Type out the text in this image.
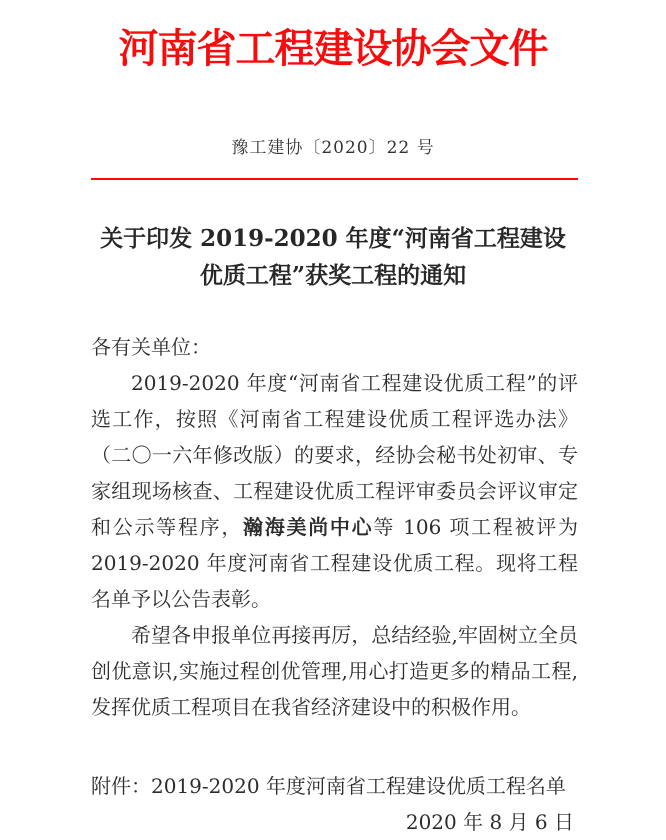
河南省工程建设协会文件
豫工建协〔2020〕22 号
关于印发 2019-2020 年度“河南省工程建设
优质工程”获奖工程的通知

各有关单位：

2019-2020 年度“河南省工程建设优质工程”的评选工作，按照《河南省工程建设优质工程评选办法》（二〇一六年修改版）的要求，经协会秘书处初审、专家组现场核查、工程建设优质工程评审委员会评议审定和公示等程序，瀚海美尚中心等 106 项工程被评为 2019-2020 年度河南省工程建设优质工程。现将工程名单予以公告表彰。

希望各申报单位再接再厉，总结经验,牢固树立全员创优意识,实施过程创优管理,用心打造更多的精品工程,发挥优质工程项目在我省经济建设中的积极作用。

附件：2019-2020 年度河南省工程建设优质工程名单

2020 年 8 月 6 日
